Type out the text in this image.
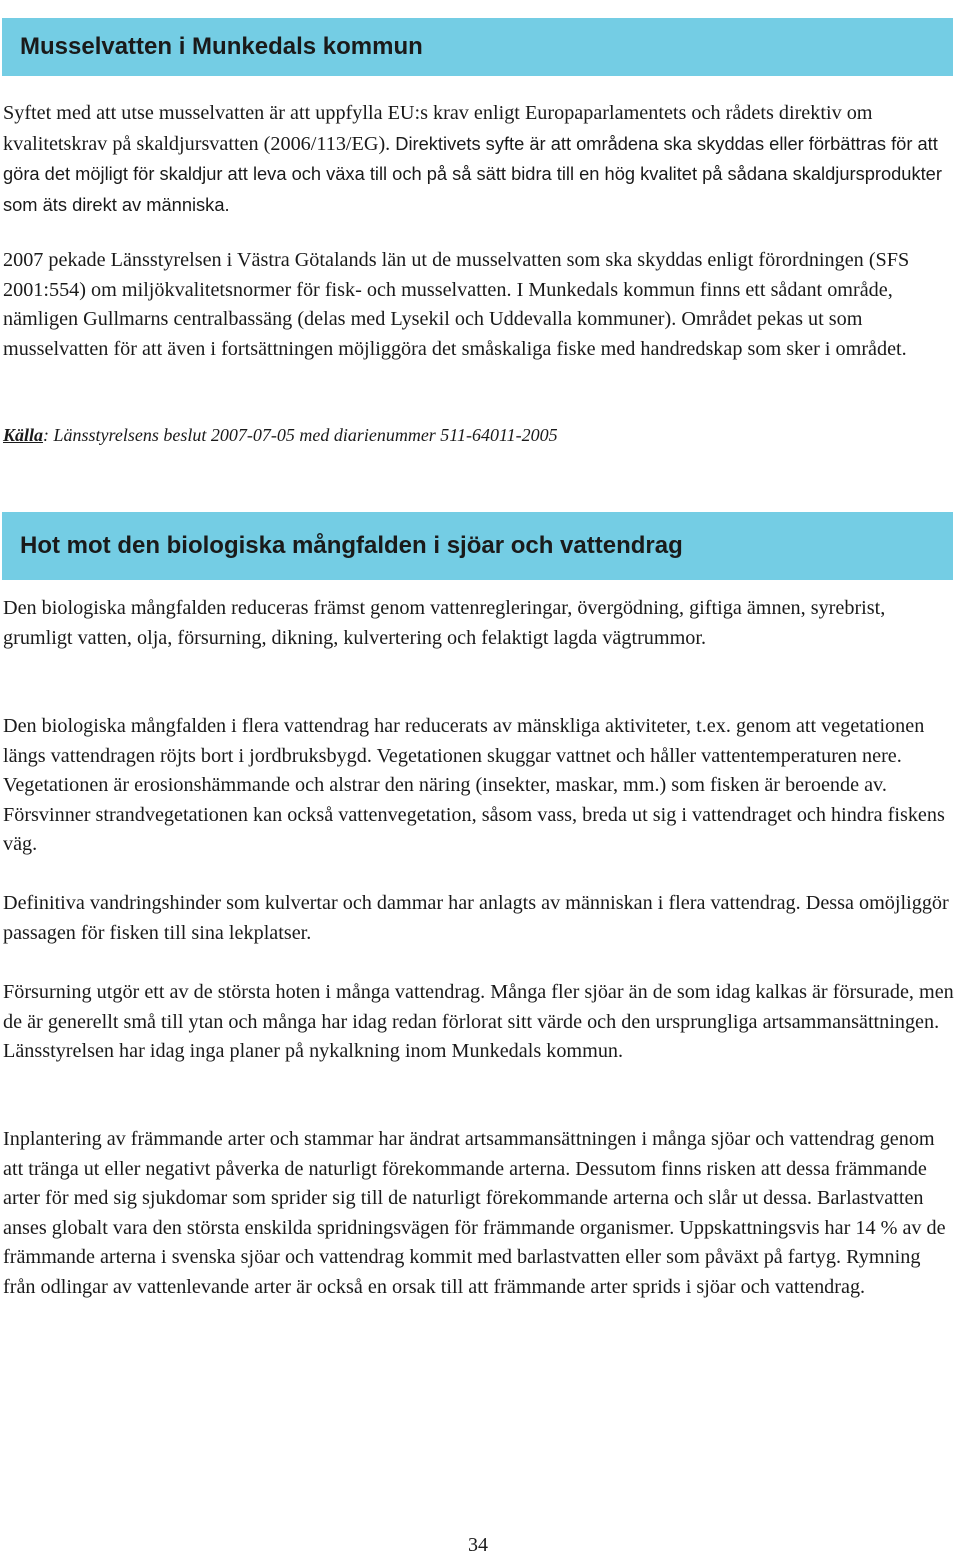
Musselvatten i Munkedals kommun

Syftet med att utse musselvatten är att uppfylla EU:s krav enligt Europaparlamentets och rådets direktiv om kvalitetskrav på skaldjursvatten (2006/113/EG). Direktivets syfte är att områdena ska skyddas eller förbättras för att göra det möjligt för skaldjur att leva och växa till och på så sätt bidra till en hög kvalitet på sådana skaldjursprodukter som äts direkt av människa.

2007 pekade Länsstyrelsen i Västra Götalands län ut de musselvatten som ska skyddas enligt förordningen (SFS 2001:554) om miljökvalitetsnormer för fisk- och musselvatten. I Munkedals kommun finns ett sådant område, nämligen Gullmarns centralbassäng (delas med Lysekil och Uddevalla kommuner). Området pekas ut som musselvatten för att även i fortsättningen möjliggöra det småskaliga fiske med handredskap som sker i området.

Källa: Länsstyrelsens beslut 2007-07-05 med diarienummer 511-64011-2005

Hot mot den biologiska mångfalden i sjöar och vattendrag

Den biologiska mångfalden reduceras främst genom vattenregleringar, övergödning, giftiga ämnen, syrebrist, grumligt vatten, olja, försurning, dikning, kulvertering och felaktigt lagda vägtrummor.

Den biologiska mångfalden i flera vattendrag har reducerats av mänskliga aktiviteter, t.ex. genom att vegetationen längs vattendragen röjts bort i jordbruksbygd. Vegetationen skuggar vattnet och håller vattentemperaturen nere. Vegetationen är erosionshämmande och alstrar den näring (insekter, maskar, mm.) som fisken är beroende av. Försvinner strandvegetationen kan också vattenvegetation, såsom vass, breda ut sig i vattendraget och hindra fiskens väg.

Definitiva vandringshinder som kulvertar och dammar har anlagts av människan i flera vattendrag. Dessa omöjliggör passagen för fisken till sina lekplatser.

Försurning utgör ett av de största hoten i många vattendrag. Många fler sjöar än de som idag kalkas är försurade, men de är generellt små till ytan och många har idag redan förlorat sitt värde och den ursprungliga artsammansättningen. Länsstyrelsen har idag inga planer på nykalkning inom Munkedals kommun.

Inplantering av främmande arter och stammar har ändrat artsammansättningen i många sjöar och vattendrag genom att tränga ut eller negativt påverka de naturligt förekommande arterna. Dessutom finns risken att dessa främmande arter för med sig sjukdomar som sprider sig till de naturligt förekommande arterna och slår ut dessa. Barlastvatten anses globalt vara den största enskilda spridningsvägen för främmande organismer. Uppskattningsvis har 14 % av de främmande arterna i svenska sjöar och vattendrag kommit med barlastvatten eller som påväxt på fartyg. Rymning från odlingar av vattenlevande arter är också en orsak till att främmande arter sprids i sjöar och vattendrag.

34
